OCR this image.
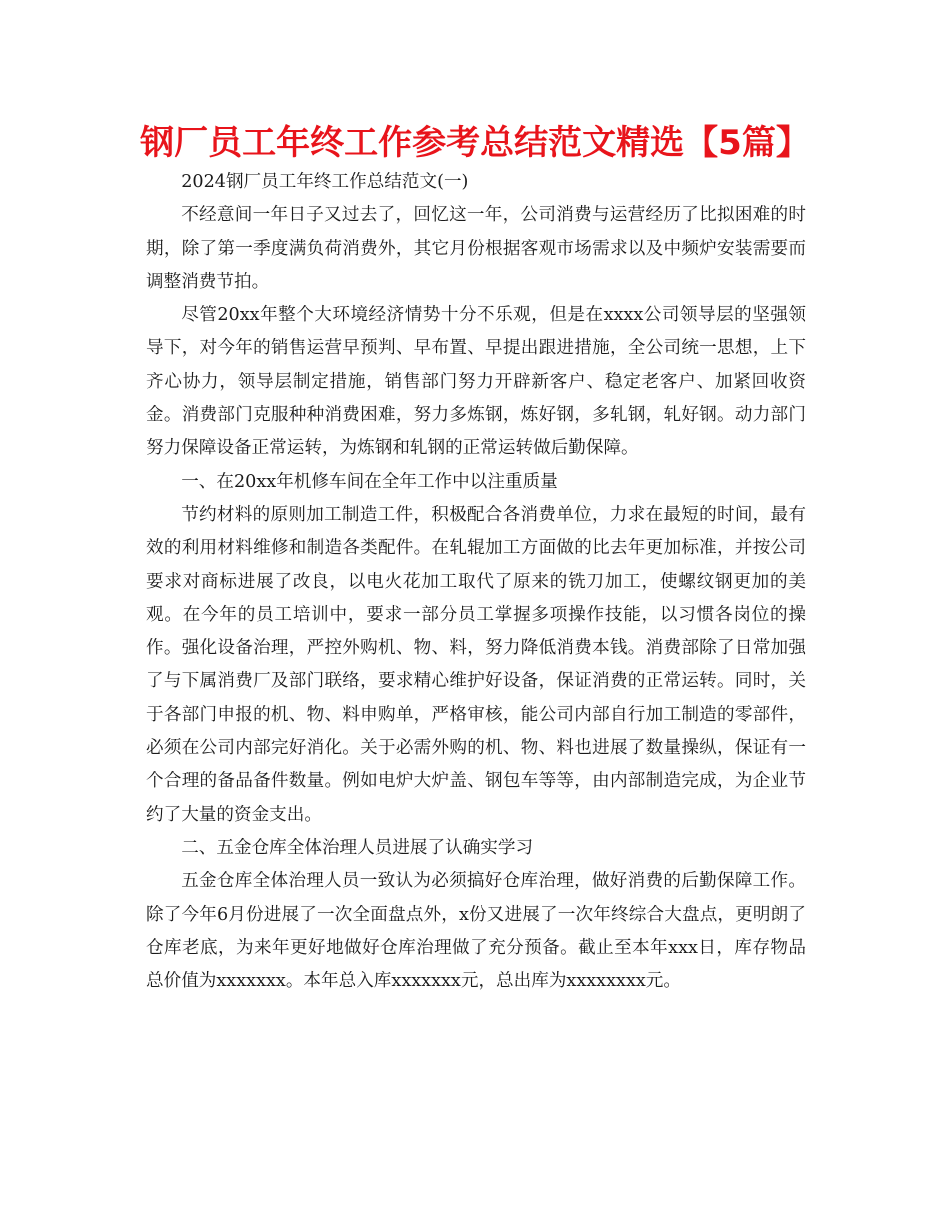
钢厂员工年终工作参考总结范文精选【5篇】

2024钢厂员工年终工作总结范文(一)

不经意间一年日子又过去了，回忆这一年，公司消费与运营经历了比拟困难的时期，除了第一季度满负荷消费外，其它月份根据客观市场需求以及中频炉安装需要而调整消费节拍。

尽管20xx年整个大环境经济情势十分不乐观，但是在xxxx公司领导层的坚强领导下，对今年的销售运营早预判、早布置、早提出跟进措施，全公司统一思想，上下齐心协力，领导层制定措施，销售部门努力开辟新客户、稳定老客户、加紧回收资金。消费部门克服种种消费困难，努力多炼钢，炼好钢，多轧钢，轧好钢。动力部门努力保障设备正常运转，为炼钢和轧钢的正常运转做后勤保障。

一、在20xx年机修车间在全年工作中以注重质量

节约材料的原则加工制造工件，积极配合各消费单位，力求在最短的时间，最有效的利用材料维修和制造各类配件。在轧辊加工方面做的比去年更加标准，并按公司要求对商标进展了改良，以电火花加工取代了原来的铣刀加工，使螺纹钢更加的美观。在今年的员工培训中，要求一部分员工掌握多项操作技能，以习惯各岗位的操作。强化设备治理，严控外购机、物、料，努力降低消费本钱。消费部除了日常加强了与下属消费厂及部门联络，要求精心维护好设备，保证消费的正常运转。同时，关于各部门申报的机、物、料申购单，严格审核，能公司内部自行加工制造的零部件，必须在公司内部完好消化。关于必需外购的机、物、料也进展了数量操纵，保证有一个合理的备品备件数量。例如电炉大炉盖、钢包车等等，由内部制造完成，为企业节约了大量的资金支出。

二、五金仓库全体治理人员进展了认确实学习

五金仓库全体治理人员一致认为必须搞好仓库治理，做好消费的后勤保障工作。除了今年6月份进展了一次全面盘点外，x份又进展了一次年终综合大盘点，更明朗了仓库老底，为来年更好地做好仓库治理做了充分预备。截止至本年xxx日，库存物品总价值为xxxxxxx。本年总入库xxxxxxx元，总出库为xxxxxxxx元。
